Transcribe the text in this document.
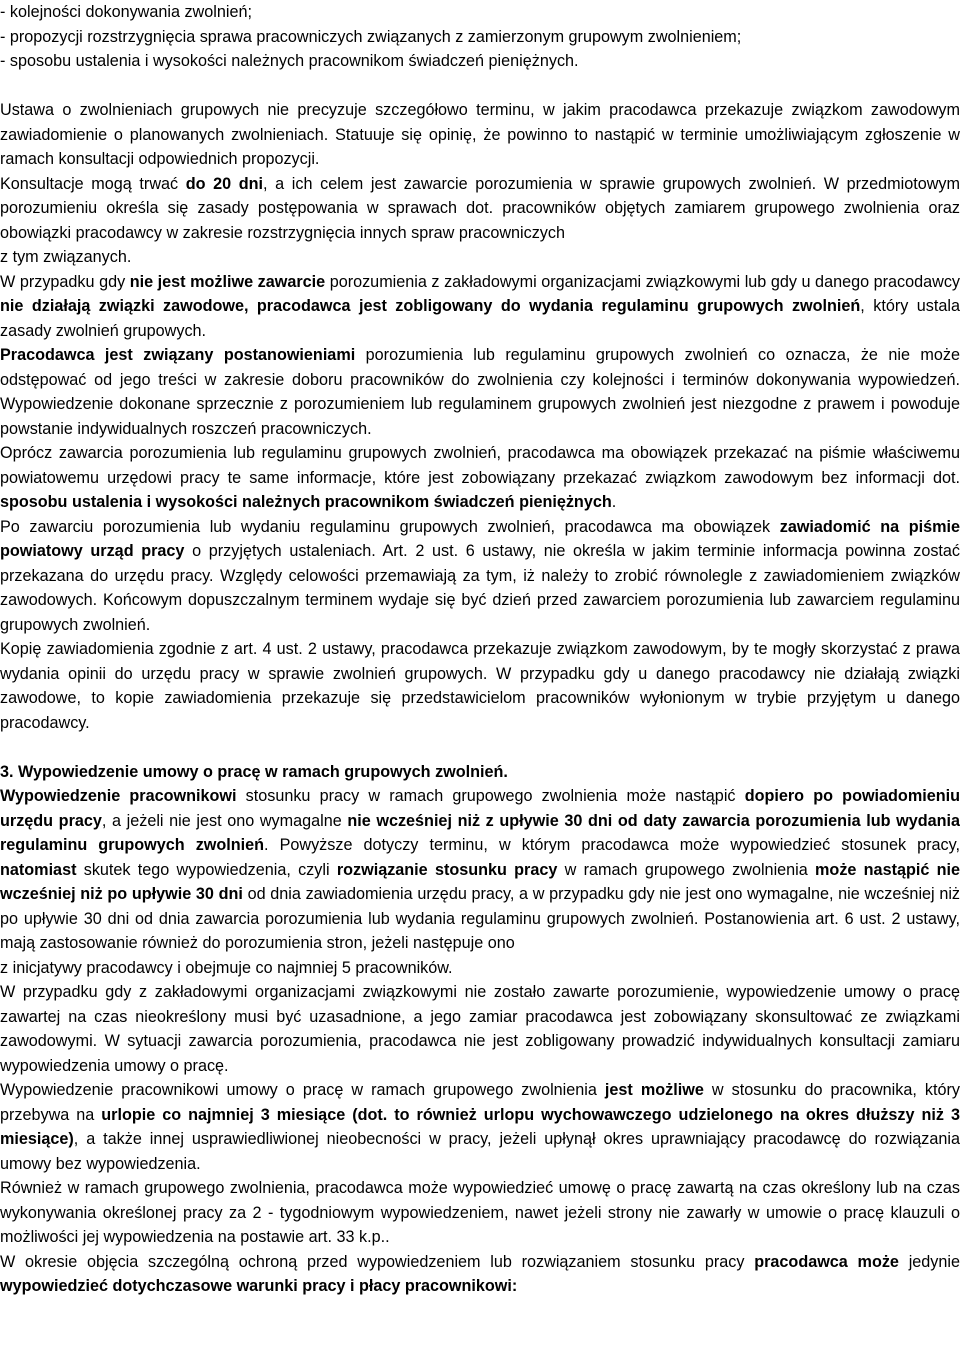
- kolejności dokonywania zwolnień;
- propozycji rozstrzygnięcia sprawa pracowniczych związanych z zamierzonym grupowym zwolnieniem;
- sposobu ustalenia i wysokości należnych pracownikom świadczeń pieniężnych.
Ustawa o zwolnieniach grupowych nie precyzuje szczegółowo terminu, w jakim pracodawca przekazuje związkom zawodowym zawiadomienie o planowanych zwolnieniach. Statuuje się opinię, że powinno to nastąpić w terminie umożliwiającym zgłoszenie w ramach konsultacji odpowiednich propozycji.
Konsultacje mogą trwać do 20 dni, a ich celem jest zawarcie porozumienia w sprawie grupowych zwolnień. W przedmiotowym porozumieniu określa się zasady postępowania w sprawach dot. pracowników objętych zamiarem grupowego zwolnienia oraz obowiązki pracodawcy w zakresie rozstrzygnięcia innych spraw pracowniczych
z tym związanych.
W przypadku gdy nie jest możliwe zawarcie porozumienia z zakładowymi organizacjami związkowymi lub gdy u danego pracodawcy nie działają związki zawodowe, pracodawca jest zobligowany do wydania regulaminu grupowych zwolnień, który ustala zasady zwolnień grupowych.
Pracodawca jest związany postanowieniami porozumienia lub regulaminu grupowych zwolnień co oznacza, że nie może odstępować od jego treści w zakresie doboru pracowników do zwolnienia czy kolejności i terminów dokonywania wypowiedzeń. Wypowiedzenie dokonane sprzecznie z porozumieniem lub regulaminem grupowych zwolnień jest niezgodne z prawem i powoduje powstanie indywidualnych roszczeń pracowniczych.
Oprócz zawarcia porozumienia lub regulaminu grupowych zwolnień, pracodawca ma obowiązek przekazać na piśmie właściwemu powiatowemu urzędowi pracy te same informacje, które jest zobowiązany przekazać związkom zawodowym bez informacji dot. sposobu ustalenia i wysokości należnych pracownikom świadczeń pieniężnych.
Po zawarciu porozumienia lub wydaniu regulaminu grupowych zwolnień, pracodawca ma obowiązek zawiadomić na piśmie powiatowy urząd pracy o przyjętych ustaleniach. Art. 2 ust. 6 ustawy, nie określa w jakim terminie informacja powinna zostać przekazana do urzędu pracy. Względy celowości przemawiają za tym, iż należy to zrobić równolegle z zawiadomieniem związków zawodowych. Końcowym dopuszczalnym terminem wydaje się być dzień przed zawarciem porozumienia lub zawarciem regulaminu grupowych zwolnień.
Kopię zawiadomienia zgodnie z art. 4 ust. 2 ustawy, pracodawca przekazuje związkom zawodowym, by te mogły skorzystać z prawa wydania opinii do urzędu pracy w sprawie zwolnień grupowych. W przypadku gdy u danego pracodawcy nie działają związki zawodowe, to kopie zawiadomienia przekazuje się przedstawicielom pracowników wyłonionym w trybie przyjętym u danego pracodawcy.
3. Wypowiedzenie umowy o pracę w ramach grupowych zwolnień.
Wypowiedzenie pracownikowi stosunku pracy w ramach grupowego zwolnienia może nastąpić dopiero po powiadomieniu urzędu pracy, a jeżeli nie jest ono wymagalne nie wcześniej niż z upływie 30 dni od daty zawarcia porozumienia lub wydania regulaminu grupowych zwolnień. Powyższe dotyczy terminu, w którym pracodawca może wypowiedzieć stosunek pracy, natomiast skutek tego wypowiedzenia, czyli rozwiązanie stosunku pracy w ramach grupowego zwolnienia może nastąpić nie wcześniej niż po upływie 30 dni od dnia zawiadomienia urzędu pracy, a w przypadku gdy nie jest ono wymagalne, nie wcześniej niż po upływie 30 dni od dnia zawarcia porozumienia lub wydania regulaminu grupowych zwolnień. Postanowienia art. 6 ust. 2 ustawy, mają zastosowanie również do porozumienia stron, jeżeli następuje ono
z inicjatywy pracodawcy i obejmuje co najmniej 5 pracowników.
W przypadku gdy z zakładowymi organizacjami związkowymi nie zostało zawarte porozumienie, wypowiedzenie umowy o pracę zawartej na czas nieokreślony musi być uzasadnione, a jego zamiar pracodawca jest zobowiązany skonsultować ze związkami zawodowymi. W sytuacji zawarcia porozumienia, pracodawca nie jest zobligowany prowadzić indywidualnych konsultacji zamiaru wypowiedzenia umowy o pracę.
Wypowiedzenie pracownikowi umowy o pracę w ramach grupowego zwolnienia jest możliwe w stosunku do pracownika, który przebywa na urlopie co najmniej 3 miesiące (dot. to również urlopu wychowawczego udzielonego na okres dłuższy niż 3 miesiące), a także innej usprawiedliwionej nieobecności w pracy, jeżeli upłynął okres uprawniający pracodawcę do rozwiązania umowy bez wypowiedzenia.
Również w ramach grupowego zwolnienia, pracodawca może wypowiedzieć umowę o pracę zawartą na czas określony lub na czas wykonywania określonej pracy za 2 - tygodniowym wypowiedzeniem, nawet jeżeli strony nie zawarły w umowie o pracę klauzuli o możliwości jej wypowiedzenia na postawie art. 33 k.p..
W okresie objęcia szczególną ochroną przed wypowiedzeniem lub rozwiązaniem stosunku pracy pracodawca może jedynie wypowiedzieć dotychczasowe warunki pracy i płacy pracownikowi:
